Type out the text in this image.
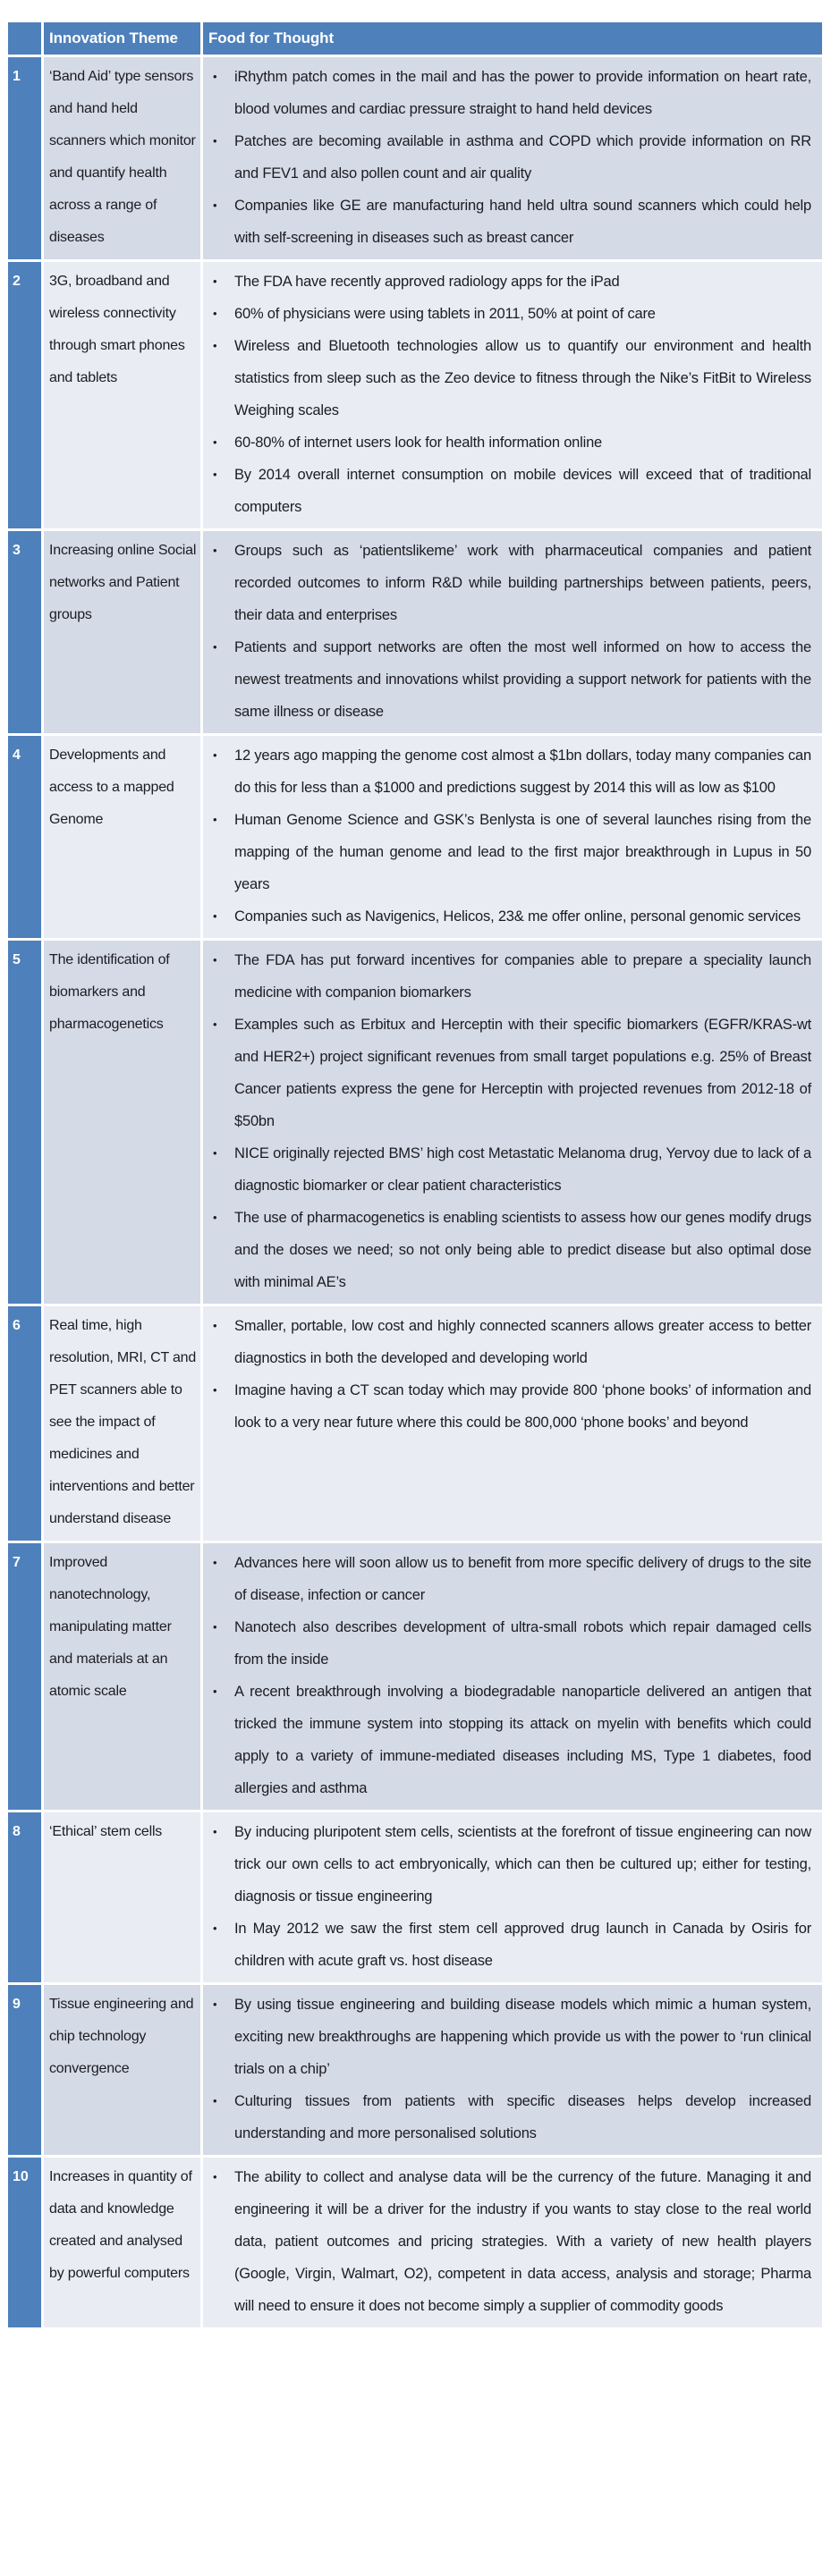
	Innovation Theme	Food for Thought
1	‘Band Aid’ type sensors and hand held scanners which monitor and quantify health across a range of diseases	
•	iRhythm patch comes in the mail and has the power to provide information on heart rate, blood volumes and cardiac pressure straight to hand held devices
•	Patches are becoming available in asthma and COPD which provide information on RR and FEV1 and also pollen count and air quality
•	Companies like GE are manufacturing hand held ultra sound scanners which could help with self-screening in diseases such as breast cancer

2	3G, broadband and wireless connectivity through smart phones and tablets	
•	The FDA have recently approved radiology apps for the iPad
•	60% of physicians were using tablets in 2011, 50% at point of care
•	Wireless and Bluetooth technologies allow us to quantify our environment and health statistics from sleep such as the Zeo device to fitness through the Nike’s FitBit to Wireless Weighing scales
•	60-80% of internet users look for health information online
•	By 2014 overall internet consumption on mobile devices will exceed that of traditional computers

3	Increasing online Social networks and Patient groups	• Groups such as ‘patientslikeme’ work with pharmaceutical companies and patient recorded outcomes to inform R&D while building partnerships between patients, peers, their data and enterprises
• Patients and support networks are often the most well informed on how to access the newest treatments and innovations whilst providing a support network for patients with the same illness or disease

4	Developments and access to a mapped Genome	
•	12 years ago mapping the genome cost almost a $1bn dollars, today many companies can do this for less than a $1000 and predictions suggest by 2014 this will as low as $100
•	Human Genome Science and GSK’s Benlysta is one of several launches rising from the mapping of the human genome and lead to the first major breakthrough in Lupus in 50 years
•	Companies such as Navigenics, Helicos, 23& me offer online, personal genomic services

5	The identification of biomarkers and pharmacogenetics	
•	The FDA has put forward incentives for companies able to prepare a speciality launch medicine with companion biomarkers
•	Examples such as Erbitux and Herceptin with their specific biomarkers (EGFR/KRAS-wt and HER2+) project significant revenues from small target populations e.g. 25% of Breast Cancer patients express the gene for Herceptin with projected revenues from 2012-18 of $50bn
•	NICE originally rejected BMS’ high cost Metastatic Melanoma drug, Yervoy due to lack of a diagnostic biomarker or clear patient characteristics
•	The use of pharmacogenetics is enabling scientists to assess how our genes modify drugs and the doses we need; so not only being able to predict disease but also optimal dose with minimal AE’s

6	Real time, high resolution, MRI, CT and PET scanners able to see the impact of medicines and interventions and better understand disease	• Smaller, portable, low cost and highly connected scanners allows greater access to better diagnostics in both the developed and developing world
• Imagine having a CT scan today which may provide 800 ‘phone books’ of information and look to a very near future where this could be 800,000 ‘phone books’ and beyond

7	Improved nanotechnology, manipulating matter and materials at an atomic scale	
•	Advances here will soon allow us to benefit from more specific delivery of drugs to the site of disease, infection or cancer
•	Nanotech also describes development of ultra-small robots which repair damaged cells from the inside
•	A recent breakthrough involving a biodegradable nanoparticle delivered an antigen that tricked the immune system into stopping its attack on myelin with benefits which could apply to a variety of immune-mediated diseases including MS, Type 1 diabetes, food allergies and asthma

8	‘Ethical’ stem cells	• By inducing pluripotent stem cells, scientists at the forefront of tissue engineering can now trick our own cells to act embryonically, which can then be cultured up; either for testing, diagnosis or tissue engineering
• In May 2012 we saw the first stem cell approved drug launch in Canada by Osiris for children with acute graft vs. host disease

9	Tissue engineering and chip technology convergence	• By using tissue engineering and building disease models which mimic a human system, exciting new breakthroughs are happening which provide us with the power to ‘run clinical trials on a chip’
• Culturing tissues from patients with specific diseases helps develop increased understanding and more personalised solutions

10	Increases in quantity of data and knowledge created and analysed by powerful computers	• The ability to collect and analyse data will be the currency of the future. Managing it and engineering it will be a driver for the industry if you wants to stay close to the real world data, patient outcomes and pricing strategies. With a variety of new health players (Google, Virgin, Walmart, O2), competent in data access, analysis and storage; Pharma will need to ensure it does not become simply a supplier of commodity goods
